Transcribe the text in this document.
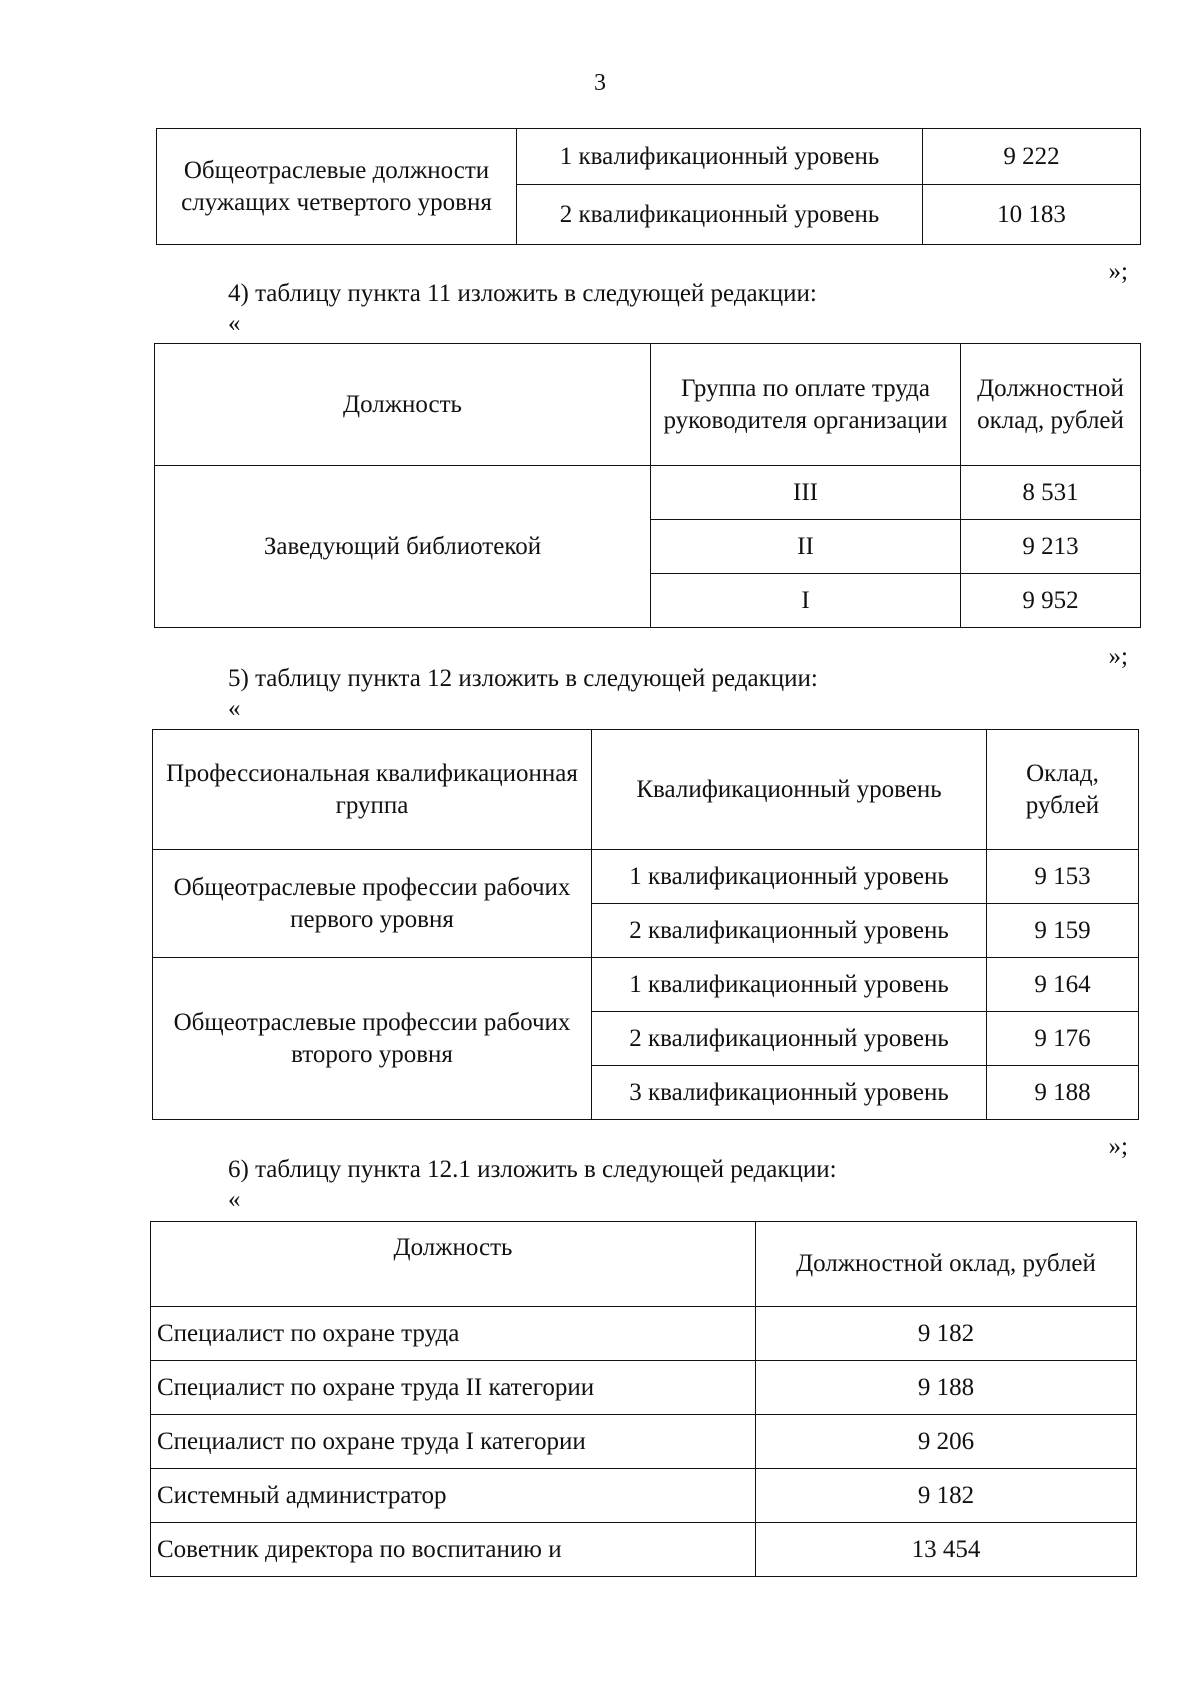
3
Общеотраслевые должности служащих четвертого уровня	1 квалификационный уровень	9 222
	2 квалификационный уровень	10 183
»;
4) таблицу пункта 11 изложить в следующей редакции:
«
Должность	Группа по оплате труда руководителя организации	Должностной оклад, рублей
Заведующий библиотекой	III	8 531
	II	9 213
	I	9 952
»;
5) таблицу пункта 12 изложить в следующей редакции:
«
Профессиональная квалификационная группа	Квалификационный уровень	Оклад, рублей
Общеотраслевые профессии рабочих первого уровня	1 квалификационный уровень	9 153
	2 квалификационный уровень	9 159
Общеотраслевые профессии рабочих второго уровня	1 квалификационный уровень	9 164
	2 квалификационный уровень	9 176
	3 квалификационный уровень	9 188
»;
6) таблицу пункта 12.1 изложить в следующей редакции:
«
Должность	Должностной оклад, рублей
Специалист по охране труда	9 182
Специалист по охране труда II категории	9 188
Специалист по охране труда I категории	9 206
Системный администратор	9 182
Советник директора по воспитанию и	13 454
